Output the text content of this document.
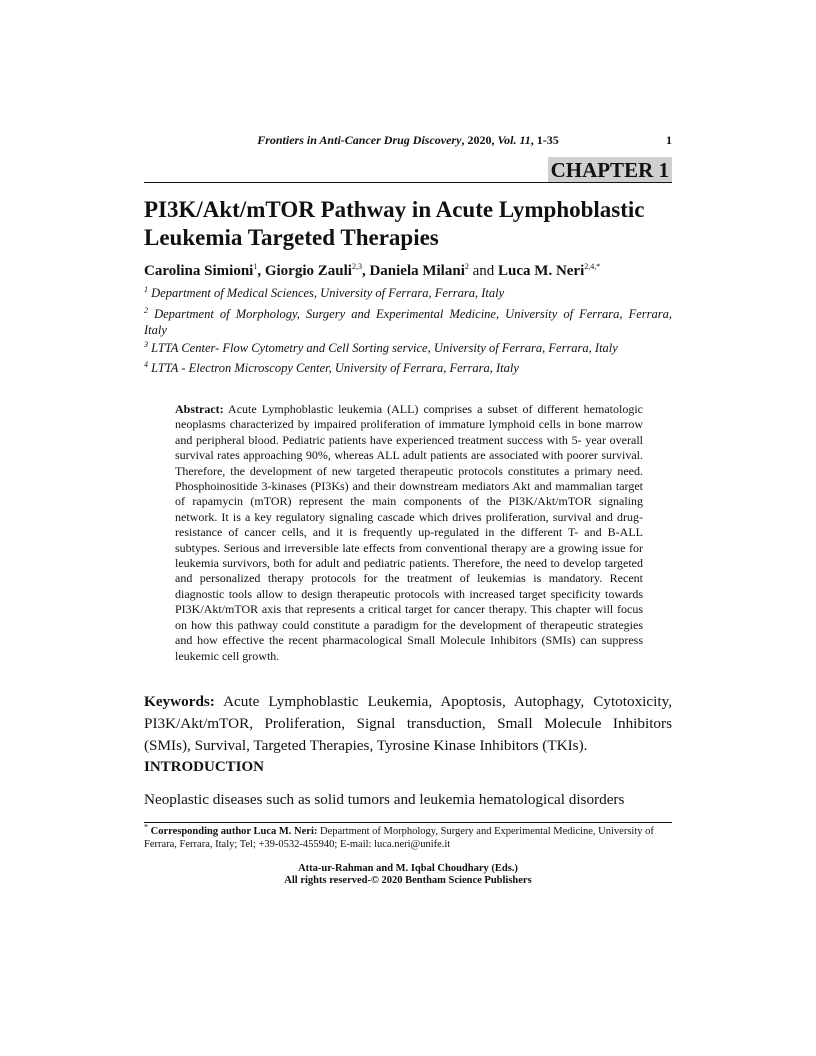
Frontiers in Anti-Cancer Drug Discovery, 2020, Vol. 11, 1-35	1
CHAPTER 1
PI3K/Akt/mTOR Pathway in Acute Lymphoblastic
Leukemia Targeted Therapies
Carolina Simioni$^1$, Giorgio Zauli$^{2,3}$, Daniela Milani$^2$ and Luca M. Neri$^{2,4,*}$
$^1$ Department of Medical Sciences, University of Ferrara, Ferrara, Italy
$^2$ Department of Morphology, Surgery and Experimental Medicine, University of Ferrara, Ferrara, Italy
$^3$ LTTA Center- Flow Cytometry and Cell Sorting service, University of Ferrara, Ferrara, Italy
$^4$ LTTA - Electron Microscopy Center, University of Ferrara, Ferrara, Italy
Abstract: Acute Lymphoblastic leukemia (ALL) comprises a subset of different hematologic neoplasms characterized by impaired proliferation of immature lymphoid cells in bone marrow and peripheral blood. Pediatric patients have experienced treatment success with 5- year overall survival rates approaching 90%, whereas ALL adult patients are associated with poorer survival. Therefore, the development of new targeted therapeutic protocols constitutes a primary need. Phosphoinositide 3-kinases (PI3Ks) and their downstream mediators Akt and mammalian target of rapamycin (mTOR) represent the main components of the PI3K/Akt/mTOR signaling network. It is a key regulatory signaling cascade which drives proliferation, survival and drug-resistance of cancer cells, and it is frequently up-regulated in the different T- and B-ALL subtypes. Serious and irreversible late effects from conventional therapy are a growing issue for leukemia survivors, both for adult and pediatric patients. Therefore, the need to develop targeted and personalized therapy protocols for the treatment of leukemias is mandatory. Recent diagnostic tools allow to design therapeutic protocols with increased target specificity towards PI3K/Akt/mTOR axis that represents a critical target for cancer therapy. This chapter will focus on how this pathway could constitute a paradigm for the development of therapeutic strategies and how effective the recent pharmacological Small Molecule Inhibitors (SMIs) can suppress leukemic cell growth.
Keywords: Acute Lymphoblastic Leukemia, Apoptosis, Autophagy, Cytotoxicity, PI3K/Akt/mTOR, Proliferation, Signal transduction, Small Molecule Inhibitors (SMIs), Survival, Targeted Therapies, Tyrosine Kinase Inhibitors (TKIs).
INTRODUCTION
Neoplastic diseases such as solid tumors and leukemia hematological disorders
* Corresponding author Luca M. Neri: Department of Morphology, Surgery and Experimental Medicine, University of Ferrara, Ferrara, Italy; Tel; +39-0532-455940; E-mail: luca.neri@unife.it
Atta-ur-Rahman and M. Iqbal Choudhary (Eds.)
All rights reserved-© 2020 Bentham Science Publishers
